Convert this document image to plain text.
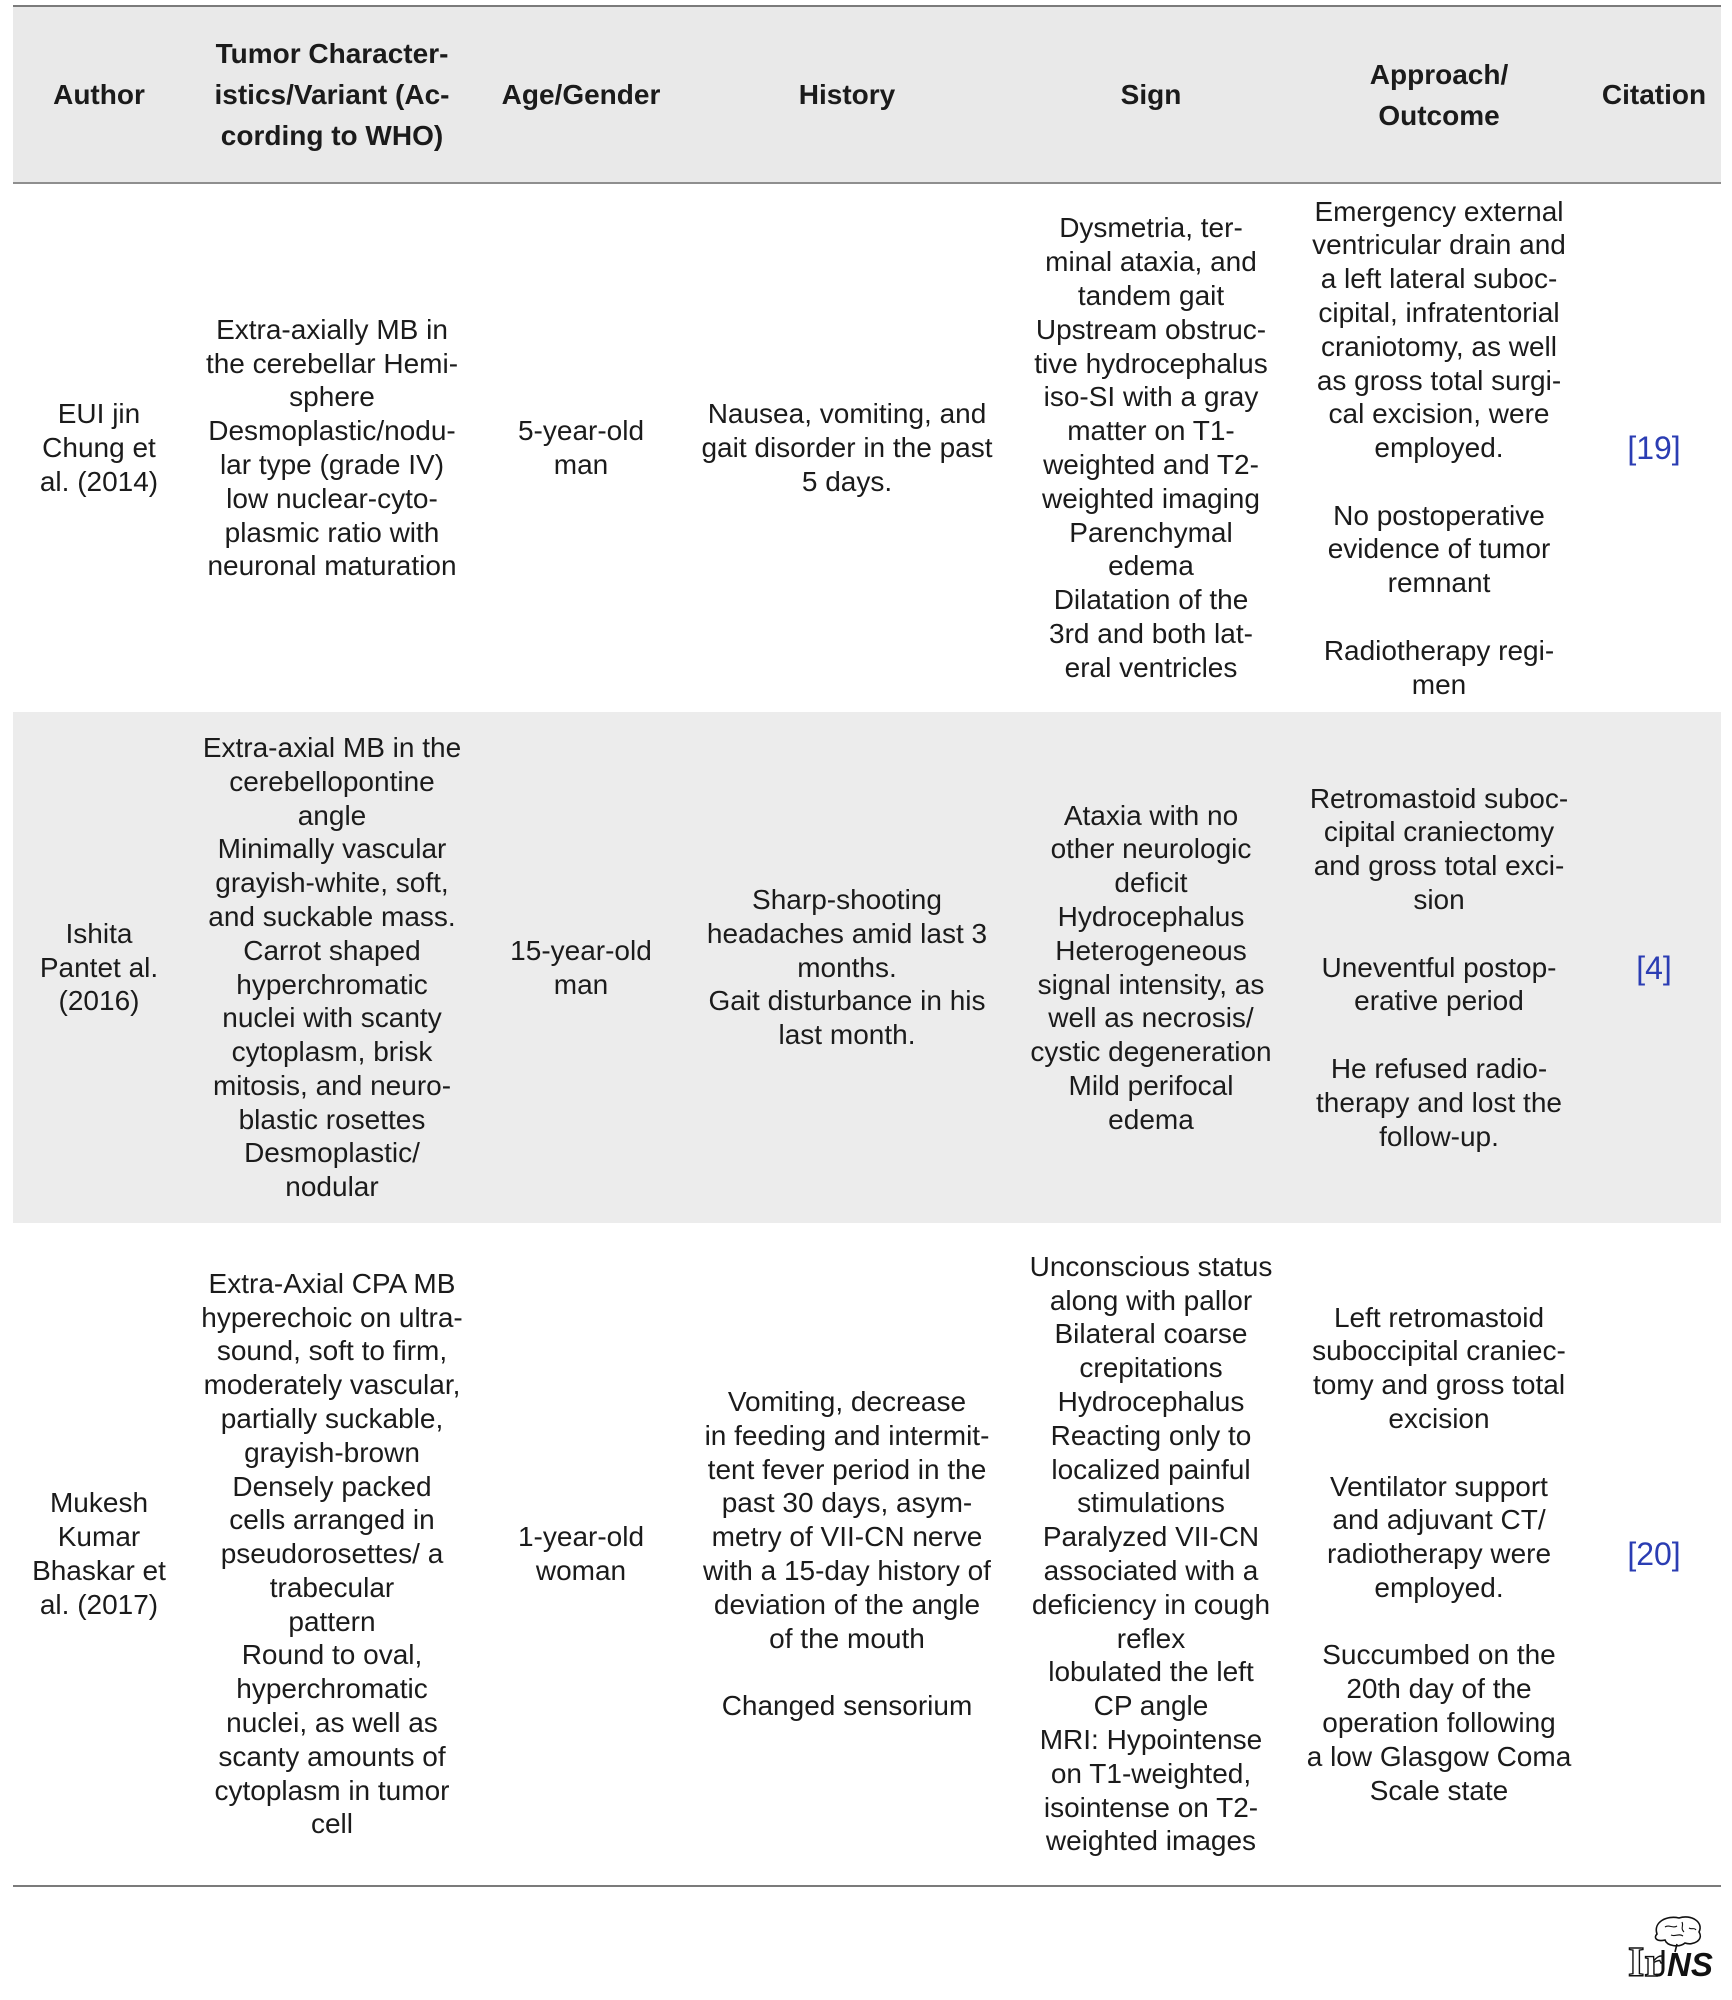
Author
Tumor Character-
istics/Variant (Ac-
cording to WHO)
Age/Gender	History	Sign
Approach/
Outcome
Citation
EUI jin
Chung et
al. (2014)
Extra-axially MB in
the cerebellar Hemi-
sphere
Desmoplastic/nodu-
lar type (grade IV)
low nuclear-cyto-
plasmic ratio with
neuronal maturation
5-year-old
man
Nausea, vomiting, and
gait disorder in the past
5 days.
Dysmetria, ter-
minal ataxia, and
tandem gait
Upstream obstruc-
tive hydrocephalus
iso-SI with a gray
matter on T1-
weighted and T2-
weighted imaging
Parenchymal
edema
Dilatation of the
3rd and both lat-
eral ventricles
Emergency external
ventricular drain and
a left lateral suboc-
cipital, infratentorial
craniotomy, as well
as gross total surgi-
cal excision, were
employed.

No postoperative
evidence of tumor
remnant

Radiotherapy regi-
men
[19]
Ishita
Pantet al.
(2016)
Extra-axial MB in the
cerebellopontine
angle
Minimally vascular
grayish-white, soft,
and suckable mass.
Carrot shaped
hyperchromatic
nuclei with scanty
cytoplasm, brisk
mitosis, and neuro-
blastic rosettes
Desmoplastic/
nodular
15-year-old
man
Sharp-shooting
headaches amid last 3
months.
Gait disturbance in his
last month.
Ataxia with no
other neurologic
deficit
Hydrocephalus
Heterogeneous
signal intensity, as
well as necrosis/
cystic degeneration
Mild perifocal
edema
Retromastoid suboc-
cipital craniectomy
and gross total exci-
sion

Uneventful postop-
erative period

He refused radio-
therapy and lost the
follow-up.
[4]
Mukesh
Kumar
Bhaskar et
al. (2017)
Extra-Axial CPA MB
hyperechoic on ultra-
sound, soft to firm,
moderately vascular,
partially suckable,
grayish-brown
Densely packed
cells arranged in
pseudorosettes/ a
trabecular
pattern
Round to oval,
hyperchromatic
nuclei, as well as
scanty amounts of
cytoplasm in tumor
cell
1-year-old
woman
Vomiting, decrease
in feeding and intermit-
tent fever period in the
past 30 days, asym-
metry of VII-CN nerve
with a 15-day history of
deviation of the angle
of the mouth

Changed sensorium
Unconscious status
along with pallor
Bilateral coarse
crepitations
Hydrocephalus
Reacting only to
localized painful
stimulations
Paralyzed VII-CN
associated with a
deficiency in cough
reflex
lobulated the left
CP angle
MRI: Hypointense
on T1-weighted,
isointense on T2-
weighted images
Left retromastoid
suboccipital craniec-
tomy and gross total
excision

Ventilator support
and adjuvant CT/
radiotherapy were
employed.

Succumbed on the
20th day of the
operation following
a low Glasgow Coma
Scale state
[20]
Ir NS
